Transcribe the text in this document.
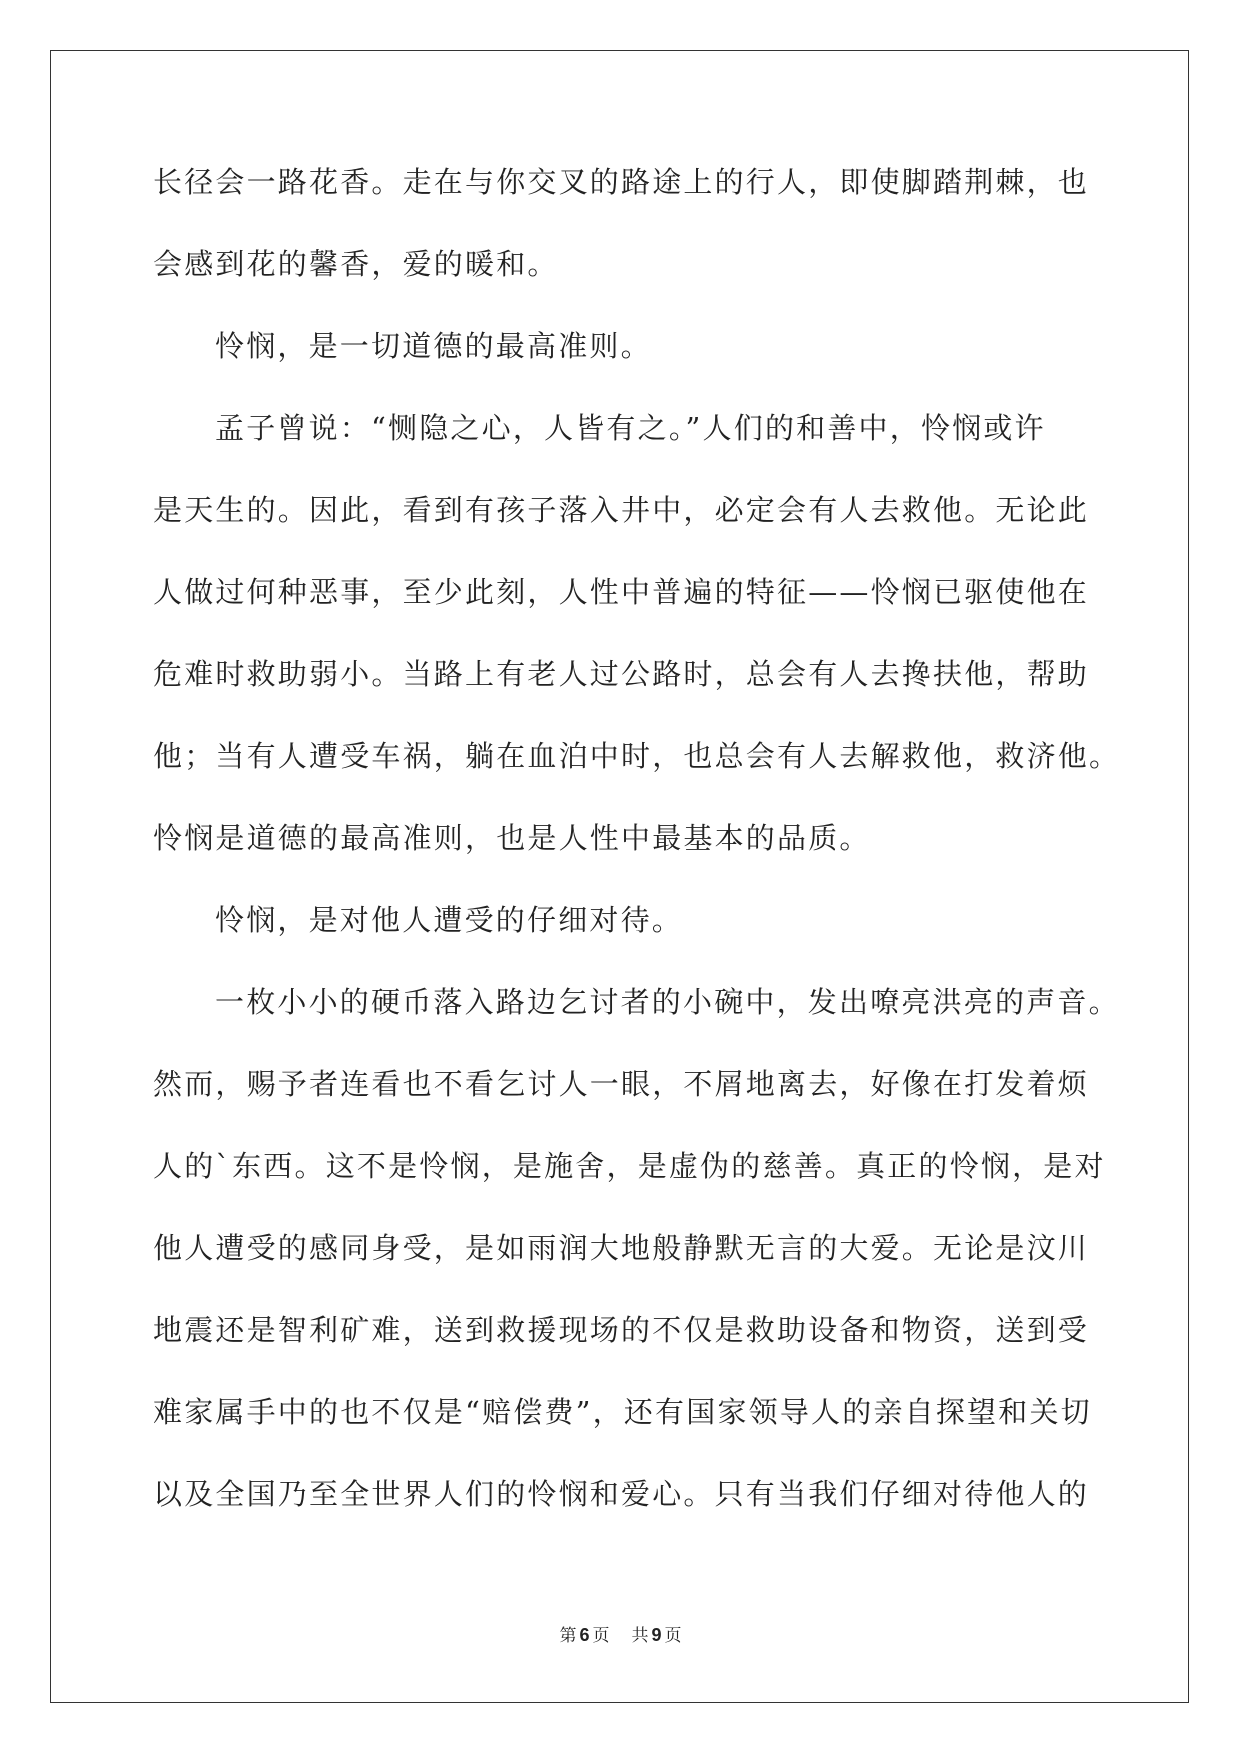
长径会一路花香。走在与你交叉的路途上的行人，即使脚踏荆棘，也
会感到花的馨香，爱的暖和。
怜悯，是一切道德的最高准则。
孟子曾说：“恻隐之心，人皆有之。”人们的和善中，怜悯或许
是天生的。因此，看到有孩子落入井中，必定会有人去救他。无论此
人做过何种恶事，至少此刻，人性中普遍的特征——怜悯已驱使他在
危难时救助弱小。当路上有老人过公路时，总会有人去搀扶他，帮助
他；当有人遭受车祸，躺在血泊中时，也总会有人去解救他，救济他。
怜悯是道德的最高准则，也是人性中最基本的品质。
怜悯，是对他人遭受的仔细对待。
一枚小小的硬币落入路边乞讨者的小碗中，发出嘹亮洪亮的声音。
然而，赐予者连看也不看乞讨人一眼，不屑地离去，好像在打发着烦
人的`东西。这不是怜悯，是施舍，是虚伪的慈善。真正的怜悯，是对
他人遭受的感同身受，是如雨润大地般静默无言的大爱。无论是汶川
地震还是智利矿难，送到救援现场的不仅是救助设备和物资，送到受
难家属手中的也不仅是“赔偿费”，还有国家领导人的亲自探望和关切
以及全国乃至全世界人们的怜悯和爱心。只有当我们仔细对待他人的
第 6 页 共 9 页
